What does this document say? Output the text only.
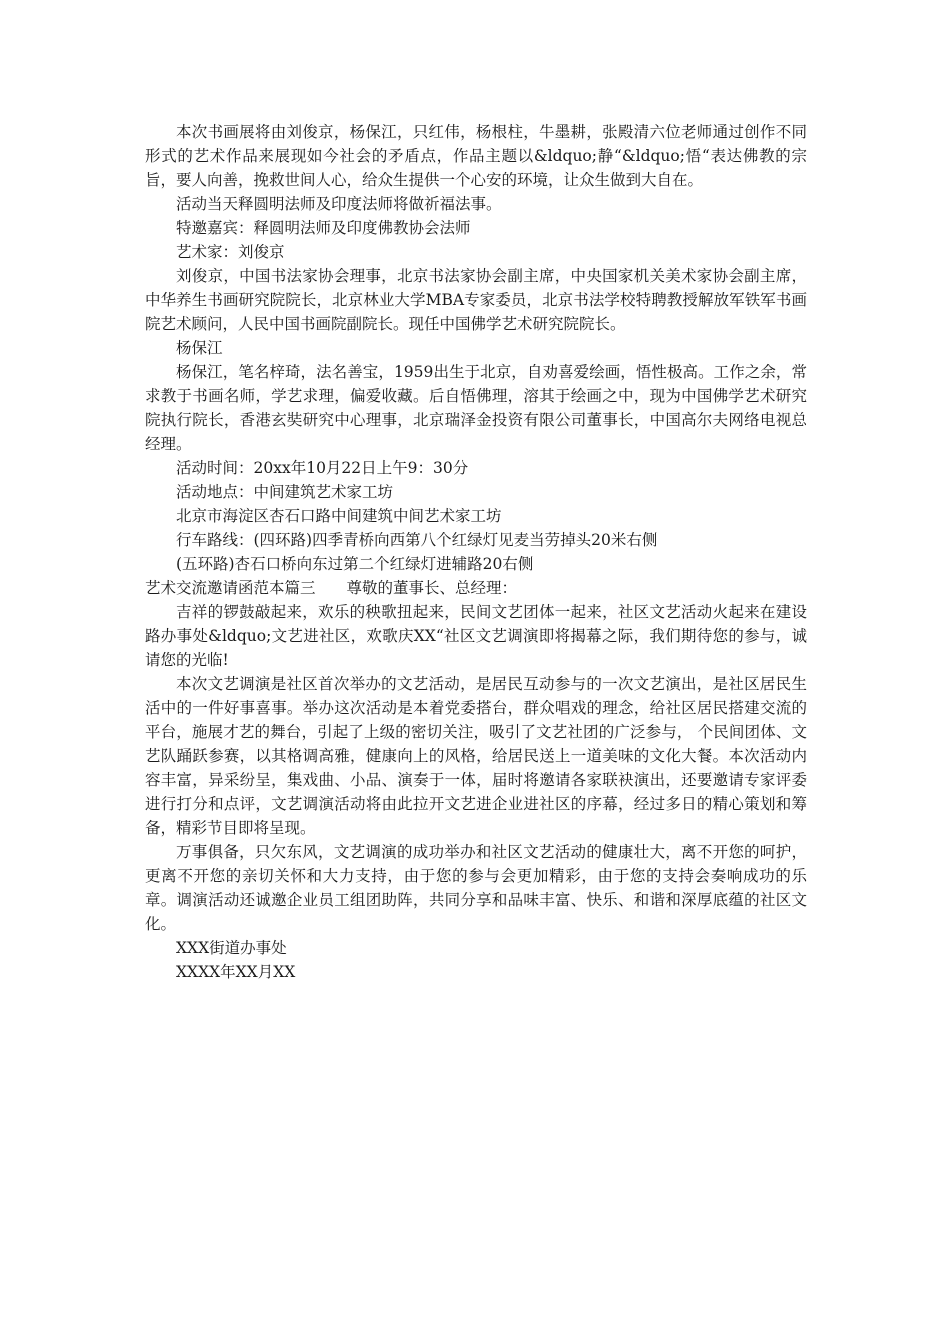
本次书画展将由刘俊京，杨保江，只红伟，杨根柱，牛墨耕，张殿清六位老师通过创作不同形式的艺术作品来展现如今社会的矛盾点，作品主题以&ldquo;静“&ldquo;悟“表达佛教的宗旨，要人向善，挽救世间人心，给众生提供一个心安的环境，让众生做到大自在。

活动当天释圆明法师及印度法师将做祈福法事。

特邀嘉宾：释圆明法师及印度佛教协会法师

艺术家：刘俊京

刘俊京，中国书法家协会理事，北京书法家协会副主席，中央国家机关美术家协会副主席，中华养生书画研究院院长，北京林业大学MBA专家委员，北京书法学校特聘教授解放军铁军书画院艺术顾问，人民中国书画院副院长。现任中国佛学艺术研究院院长。

杨保江

杨保江，笔名梓琦，法名善宝，1959出生于北京，自劝喜爱绘画，悟性极高。工作之余，常求教于书画名师，学艺求理，偏爱收藏。后自悟佛理，溶其于绘画之中，现为中国佛学艺术研究院执行院长，香港玄奘研究中心理事，北京瑞泽金投资有限公司董事长，中国高尔夫网络电视总经理。

活动时间：20xx年10月22日上午9：30分

活动地点：中间建筑艺术家工坊

北京市海淀区杏石口路中间建筑中间艺术家工坊

行车路线：(四环路)四季青桥向西第八个红绿灯见麦当劳掉头20米右侧

(五环路)杏石口桥向东过第二个红绿灯进辅路20右侧

艺术交流邀请函范本篇三　　尊敬的董事长、总经理：

吉祥的锣鼓敲起来，欢乐的秧歌扭起来，民间文艺团体一起来，社区文艺活动火起来在建设路办事处&ldquo;文艺进社区，欢歌庆XX“社区文艺调演即将揭幕之际，我们期待您的参与，诚请您的光临!

本次文艺调演是社区首次举办的文艺活动，是居民互动参与的一次文艺演出，是社区居民生活中的一件好事喜事。举办这次活动是本着党委搭台，群众唱戏的理念，给社区居民搭建交流的平台，施展才艺的舞台，引起了上级的密切关注，吸引了文艺社团的广泛参与， 个民间团体、文艺队踊跃参赛，以其格调高雅，健康向上的风格，给居民送上一道美味的文化大餐。本次活动内容丰富，异采纷呈，集戏曲、小品、演奏于一体，届时将邀请各家联袂演出，还要邀请专家评委进行打分和点评，文艺调演活动将由此拉开文艺进企业进社区的序幕，经过多日的精心策划和筹备，精彩节目即将呈现。

万事俱备，只欠东风，文艺调演的成功举办和社区文艺活动的健康壮大，离不开您的呵护，更离不开您的亲切关怀和大力支持，由于您的参与会更加精彩，由于您的支持会奏响成功的乐章。调演活动还诚邀企业员工组团助阵，共同分享和品味丰富、快乐、和谐和深厚底蕴的社区文化。

XXX街道办事处

XXXX年XX月XX
